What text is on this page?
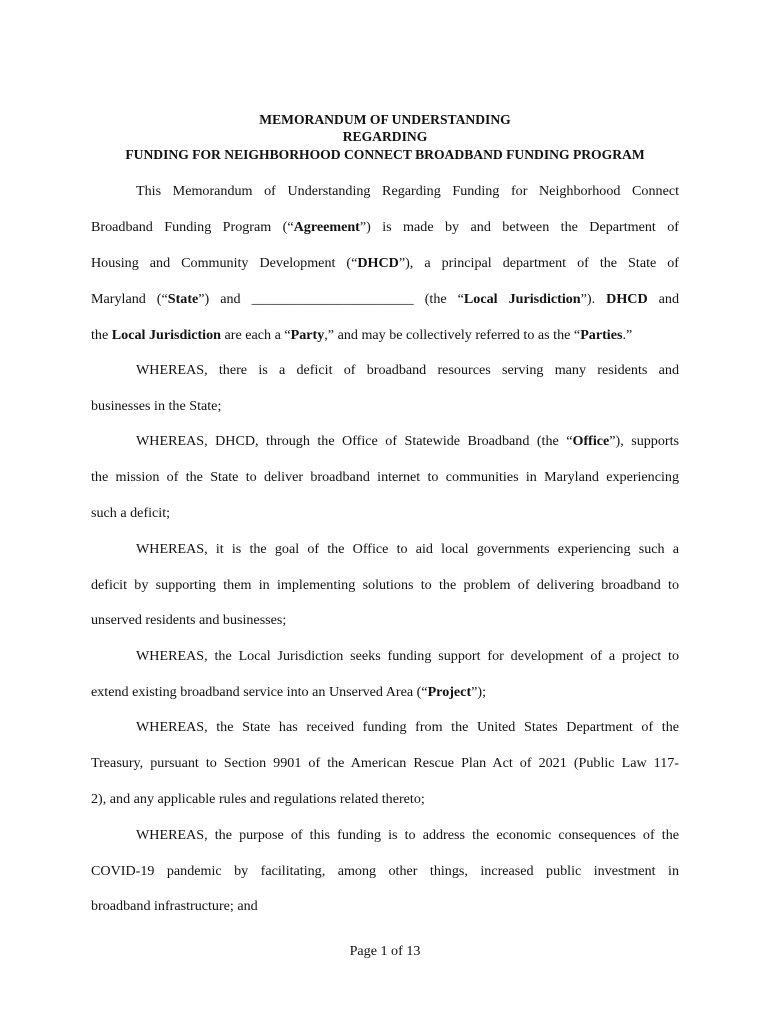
MEMORANDUM OF UNDERSTANDING
REGARDING
FUNDING FOR NEIGHBORHOOD CONNECT BROADBAND FUNDING PROGRAM
This Memorandum of Understanding Regarding Funding for Neighborhood Connect
Broadband Funding Program (“Agreement”) is made by and between the Department of
Housing and Community Development (“DHCD”), a principal department of the State of
Maryland (“State”) and _______________________ (the “Local Jurisdiction”). DHCD and
the Local Jurisdiction are each a “Party,” and may be collectively referred to as the “Parties.”
WHEREAS, there is a deficit of broadband resources serving many residents and
businesses in the State;
WHEREAS, DHCD, through the Office of Statewide Broadband (the “Office”), supports
the mission of the State to deliver broadband internet to communities in Maryland experiencing
such a deficit;
WHEREAS, it is the goal of the Office to aid local governments experiencing such a
deficit by supporting them in implementing solutions to the problem of delivering broadband to
unserved residents and businesses;
WHEREAS, the Local Jurisdiction seeks funding support for development of a project to
extend existing broadband service into an Unserved Area (“Project”);
WHEREAS, the State has received funding from the United States Department of the
Treasury, pursuant to Section 9901 of the American Rescue Plan Act of 2021 (Public Law 117-
2), and any applicable rules and regulations related thereto;
WHEREAS, the purpose of this funding is to address the economic consequences of the
COVID-19 pandemic by facilitating, among other things, increased public investment in
broadband infrastructure; and
Page 1 of 13
